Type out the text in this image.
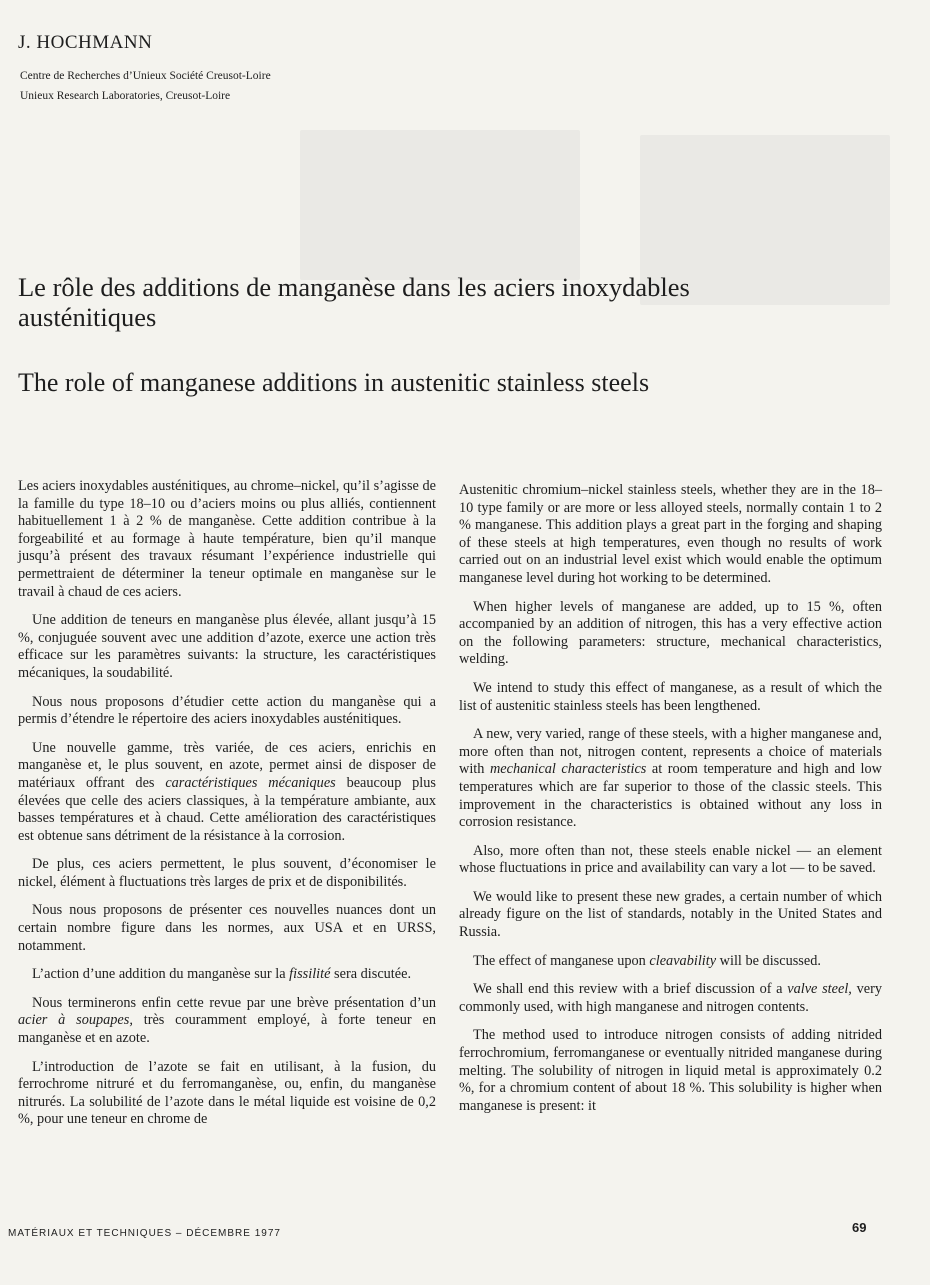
J. HOCHMANN
Centre de Recherches d’Unieux Société Creusot-Loire
Unieux Research Laboratories, Creusot-Loire
Le rôle des additions de manganèse dans les aciers inoxydables austénitiques
The role of manganese additions in austenitic stainless steels

Les aciers inoxydables austénitiques, au chrome–nickel, qu’il s’agisse de la famille du type 18–10 ou d’aciers moins ou plus alliés, contiennent habituellement 1 à 2 % de manganèse. Cette addition contribue à la forgeabilité et au formage à haute température, bien qu’il manque jusqu’à présent des travaux résumant l’expérience industrielle qui permettraient de déterminer la teneur optimale en manganèse sur le travail à chaud de ces aciers.

Une addition de teneurs en manganèse plus élevée, allant jusqu’à 15 %, conjuguée souvent avec une addition d’azote, exerce une action très efficace sur les paramètres suivants: la structure, les caractéristiques mécaniques, la soudabilité.

Nous nous proposons d’étudier cette action du manganèse qui a permis d’étendre le répertoire des aciers inoxydables austénitiques.

Une nouvelle gamme, très variée, de ces aciers, enrichis en manganèse et, le plus souvent, en azote, permet ainsi de disposer de matériaux offrant des caractéristiques mécaniques beaucoup plus élevées que celle des aciers classiques, à la température ambiante, aux basses températures et à chaud. Cette amélioration des caractéristiques est obtenue sans détriment de la résistance à la corrosion.

De plus, ces aciers permettent, le plus souvent, d’économiser le nickel, élément à fluctuations très larges de prix et de disponibilités.

Nous nous proposons de présenter ces nouvelles nuances dont un certain nombre figure dans les normes, aux USA et en URSS, notamment.

L’action d’une addition du manganèse sur la fissilité sera discutée.

Nous terminerons enfin cette revue par une brève présentation d’un acier à soupapes, très couramment employé, à forte teneur en manganèse et en azote.

L’introduction de l’azote se fait en utilisant, à la fusion, du ferrochrome nitruré et du ferromanganèse, ou, enfin, du manganèse nitrurés. La solubilité de l’azote dans le métal liquide est voisine de 0,2 %, pour une teneur en chrome de

Austenitic chromium–nickel stainless steels, whether they are in the 18–10 type family or are more or less alloyed steels, normally contain 1 to 2 % manganese. This addition plays a great part in the forging and shaping of these steels at high temperatures, even though no results of work carried out on an industrial level exist which would enable the optimum manganese level during hot working to be determined.

When higher levels of manganese are added, up to 15 %, often accompanied by an addition of nitrogen, this has a very effective action on the following parameters: structure, mechanical characteristics, welding.

We intend to study this effect of manganese, as a result of which the list of austenitic stainless steels has been lengthened.

A new, very varied, range of these steels, with a higher manganese and, more often than not, nitrogen content, represents a choice of materials with mechanical characteristics at room temperature and high and low temperatures which are far superior to those of the classic steels. This improvement in the characteristics is obtained without any loss in corrosion resistance.

Also, more often than not, these steels enable nickel — an element whose fluctuations in price and availability can vary a lot — to be saved.

We would like to present these new grades, a certain number of which already figure on the list of standards, notably in the United States and Russia.

The effect of manganese upon cleavability will be discussed.

We shall end this review with a brief discussion of a valve steel, very commonly used, with high manganese and nitrogen contents.

The method used to introduce nitrogen consists of adding nitrided ferrochromium, ferromanganese or eventually nitrided manganese during melting. The solubility of nitrogen in liquid metal is approximately 0.2 %, for a chromium content of about 18 %. This solubility is higher when manganese is present: it

MATÉRIAUX ET TECHNIQUES – DÉCEMBRE 1977	69
